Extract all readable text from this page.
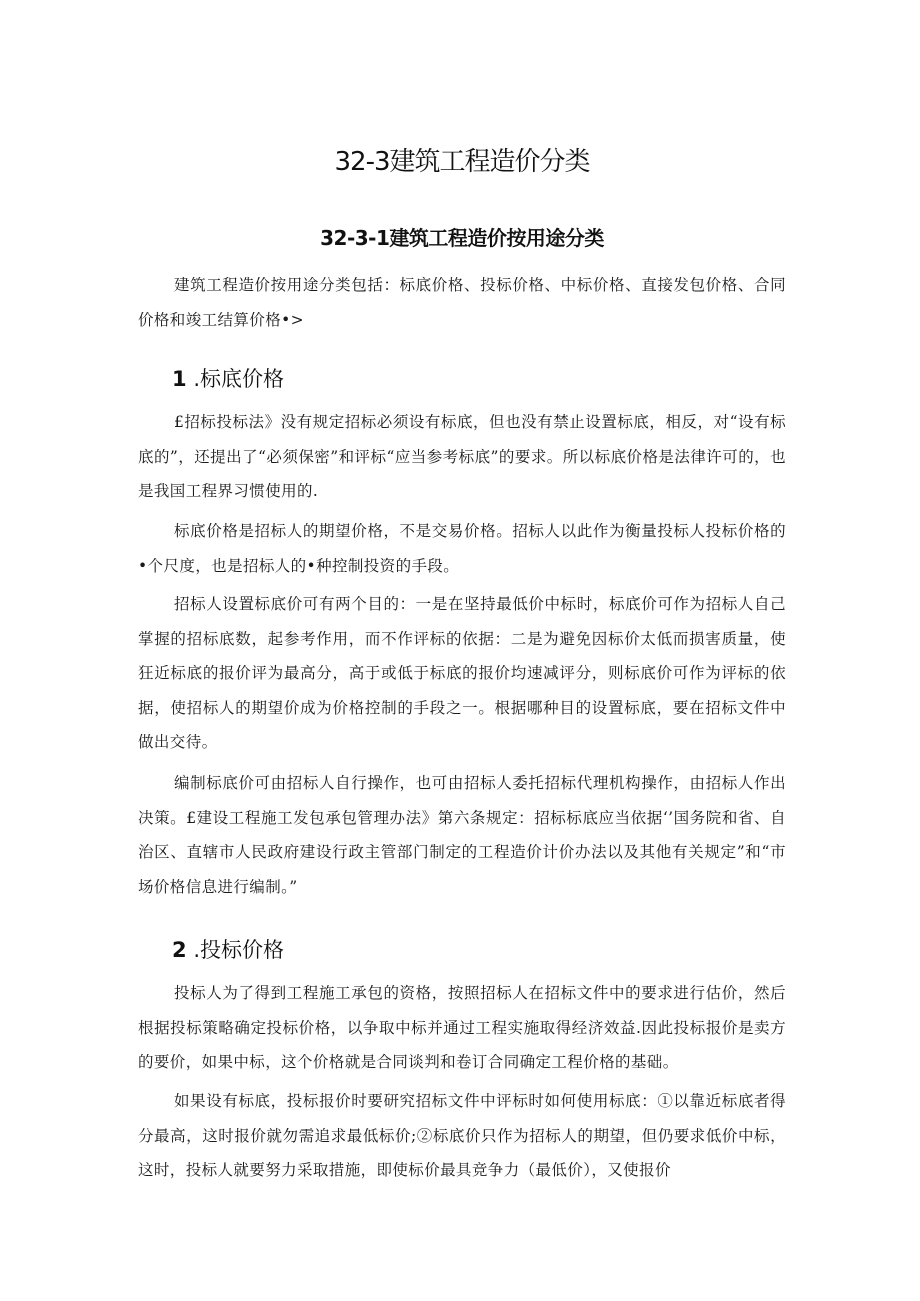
32-3建筑工程造价分类
32-3-1建筑工程造价按用途分类

建筑工程造价按用途分类包括：标底价格、投标价格、中标价格、直接发包价格、合同价格和竣工结算价格•>

1 .标底价格

£招标投标法》没有规定招标必须设有标底，但也没有禁止设置标底，相反，对“设有标底的”，还提出了“必须保密”和评标“应当参考标底”的要求。所以标底价格是法律许可的，也是我国工程界习惯使用的.

标底价格是招标人的期望价格，不是交易价格。招标人以此作为衡量投标人投标价格的•个尺度，也是招标人的•种控制投资的手段。

招标人设置标底价可有两个目的：一是在坚持最低价中标时，标底价可作为招标人自己掌握的招标底数，起参考作用，而不作评标的依据：二是为避免因标价太低而损害质量，使狂近标底的报价评为最高分，高于或低于标底的报价均速减评分，则标底价可作为评标的依据，使招标人的期望价成为价格控制的手段之一。根据哪种目的设置标底，要在招标文件中做出交待。

编制标底价可由招标人自行操作，也可由招标人委托招标代理机构操作，由招标人作出决策。£建设工程施工发包承包管理办法》第六条规定：招标标底应当依据‘’国务院和省、自治区、直辖市人民政府建设行政主管部门制定的工程造价计价办法以及其他有关规定”和“市场价格信息进行编制。”

2 .投标价格

投标人为了得到工程施工承包的资格，按照招标人在招标文件中的要求进行估价，然后根据投标策略确定投标价格，以争取中标并通过工程实施取得经济效益.因此投标报价是卖方的要价，如果中标，这个价格就是合同谈判和卷订合同确定工程价格的基础。

如果设有标底，投标报价时要研究招标文件中评标时如何使用标底：①以靠近标底者得分最高，这时报价就勿需追求最低标价;②标底价只作为招标人的期望，但仍要求低价中标，这时，投标人就要努力采取措施，即使标价最具竞争力（最低价），又使报价
